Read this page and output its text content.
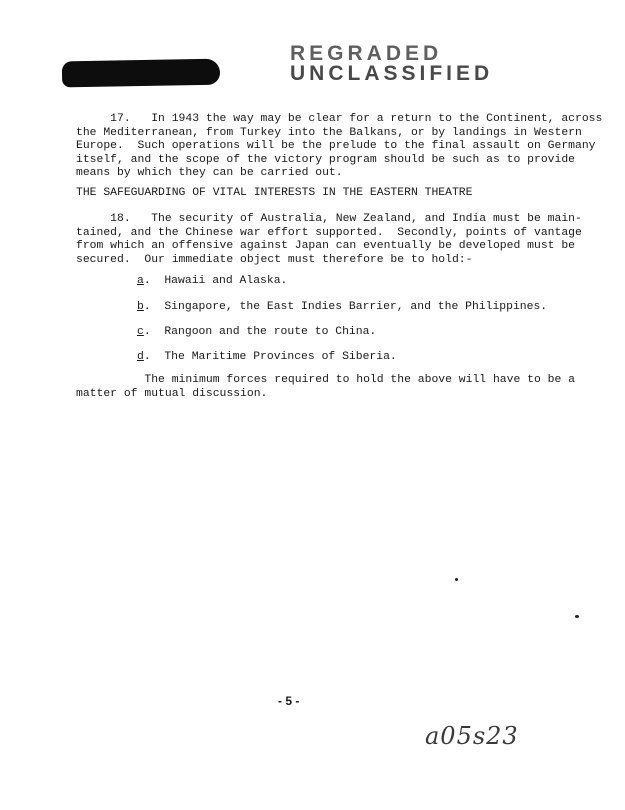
REGRADED
UNCLASSIFIED
17.   In 1943 the way may be clear for a return to the Continent, across
the Mediterranean, from Turkey into the Balkans, or by landings in Western
Europe.  Such operations will be the prelude to the final assault on Germany
itself, and the scope of the victory program should be such as to provide
means by which they can be carried out.
THE SAFEGUARDING OF VITAL INTERESTS IN THE EASTERN THEATRE
18.   The security of Australia, New Zealand, and India must be main-
tained, and the Chinese war effort supported.  Secondly, points of vantage
from which an offensive against Japan can eventually be developed must be
secured.  Our immediate object must therefore be to hold:-
a.  Hawaii and Alaska.
b.  Singapore, the East Indies Barrier, and the Philippines.
c.  Rangoon and the route to China.
d.  The Maritime Provinces of Siberia.
The minimum forces required to hold the above will have to be a
matter of mutual discussion.
- 5 -
a05s23
